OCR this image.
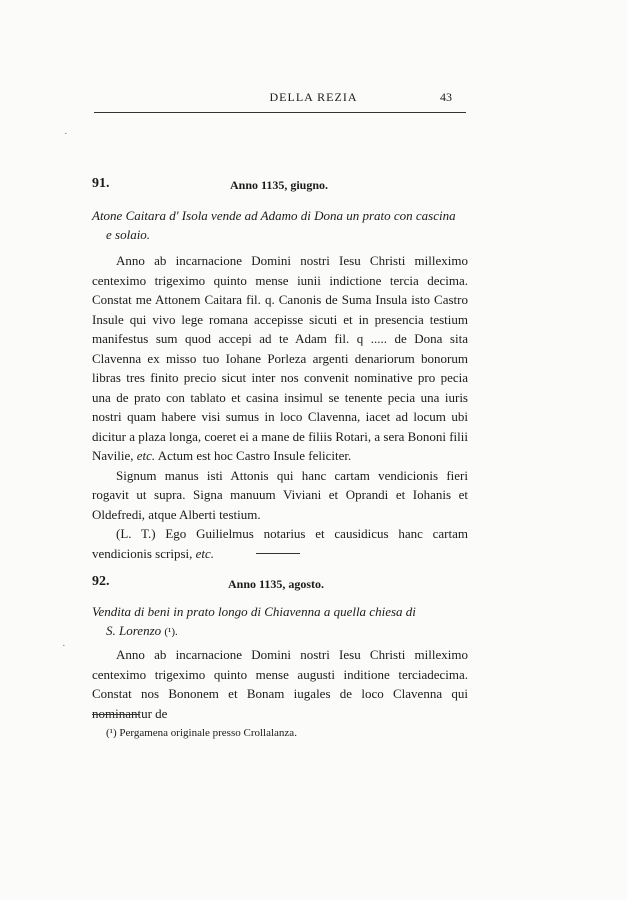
DELLA REZIA	43
91.	Anno 1135, giugno.
Atone Caitara d' Isola vende ad Adamo di Dona un prato con cascina
e solaio.

Anno ab incarnacione Domini nostri Iesu Christi milleximo centeximo trigeximo quinto mense iunii indictione tercia decima. Constat me Attonem Caitara fil. q. Canonis de Suma Insula isto Castro Insule qui vivo lege romana accepisse sicuti et in presencia testium manifestus sum quod accepi ad te Adam fil. q ..... de Dona sita Clavenna ex misso tuo Iohane Porleza argenti denariorum bonorum libras tres finito precio sicut inter nos convenit nominative pro pecia una de prato con tablato et casina insimul se tenente pecia una iuris nostri quam habere visi sumus in loco Clavenna, iacet ad locum ubi dicitur a plaza longa, coeret ei a mane de filiis Rotari, a sera Bononi filii Navilie, etc. Actum est hoc Castro Insule feliciter.

Signum manus isti Attonis qui hanc cartam vendicionis fieri rogavit ut supra. Signa manuum Viviani et Oprandi et Iohanis et Oldefredi, atque Alberti testium.

(L. T.) Ego Guilielmus notarius et causidicus hanc cartam vendicionis scripsi, etc.

92.	Anno 1135, agosto.
Vendita di beni in prato longo di Chiavenna a quella chiesa di
S. Lorenzo (¹).

Anno ab incarnacione Domini nostri Iesu Christi milleximo centeximo trigeximo quinto mense augusti inditione terciadecima. Constat nos Bononem et Bonam iugales de loco Clavenna qui nominantur de

(¹) Pergamena originale presso Crollalanza.
·
·
